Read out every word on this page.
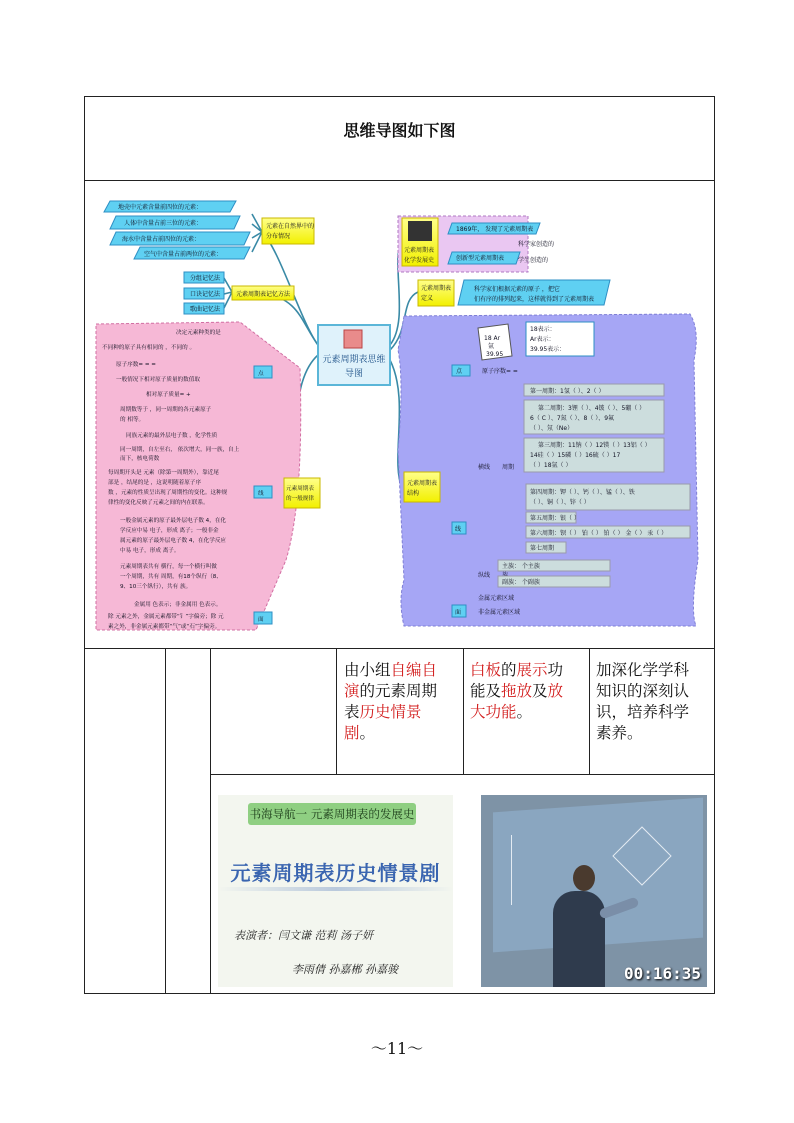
思维导图如下图
元素周期表思维
导图
地壳中元素含量前四位的元素：
人体中含量占前三位的元素：
海水中含量占前四位的元素：
空气中含量占前两位的元素：
元素在自然界中的
分布情况
分组记忆法
口诀记忆法
歌曲记忆法
元素周期表记忆方法
元素周期表
化学发展史
1869年， 发现了元素周期表
科学家创造的
创新型元素周期表 学生创造的
元素周期表
定义
科学家们根据元素的原子 ，把它
们有序的排列起来，这样就得到了元素周期表
元素周期表
结构
18 Ar
氩
39.95
18表示：
Ar表示：
39.95表示：
点	原子序数= =
线
横线 周期
第一周期：1氢（ ）、2（ ）
第二周期：3锂（ ）、4铍（ ）、5硼（ ）
6（ C ）、7氮（ ）、8（ ）、9氟
（ ）、氖（Ne）
第三周期：11钠（ ）12镁（ ）13铝（ ）
14硅（ ）15磷（ ）16硫（ ）17
（ ）18氩（ ）
第四周期：钾（ ）、钙（ ）、锰（ ）、铁
（ ）、铜（ ）、锌（ ）
第五周期：银（ ）
第六周期：钡（ ） 铂（ ） 铂（ ） 金（ ） 汞（ ）
第七周期
纵线
主族： 个主族
副族： 个副族
面
金属元素区域
非金属元素区域
元素周期表
的一般规律
点
线
面
决定元素种类的是
不同种的原子具有相同的 ，不同的 。
原子序数= = =
一般情况下相对原子质量的数值取
相对原子质量= +
周期数等于 ，同一周期的各元素原子
的 相等。
同族元素的最外层电子数 ，化学性质
同一周期，自左至右， 依次增大，同一族，自上
而下，核电荷数
每周期开头是 元素（除第一周期外），靠近尾
部是 ，结尾的是 ，这说明随着原子序
数 ，元素的性质呈出现了周期性的变化。这种规
律性的变化反映了元素之间的内在联系。
一般金属元素的原子最外层电子数 4，在化
学反应中易 电子，形成 离子；一般非金
属元素的原子最外层电子数 4，在化学反应
中易 电子，形成 离子。
元素周期表共有 横行，每一个横行叫做
一个周期，共有 周期，有18个纵行（8、
9、10三个纵行），共有 族。
金属用 色表示；非金属用 色表示。
除 元素之外，金属元素都带“钅”字偏旁；除 元
素之外，非金属元素都带“气”或“石”字偏旁。
由小组自编自
演的元素周期
表历史情景
剧。
白板的展示功
能及拖放及放
大功能。
加深化学学科
知识的深刻认
识，培养科学
素养。
书海导航一 元素周期表的发展史
元素周期表历史情景剧
表演者：闫文谦 范莉 汤子妍
李雨倩 孙嘉郴 孙嘉骏	00:16:35
～11～
